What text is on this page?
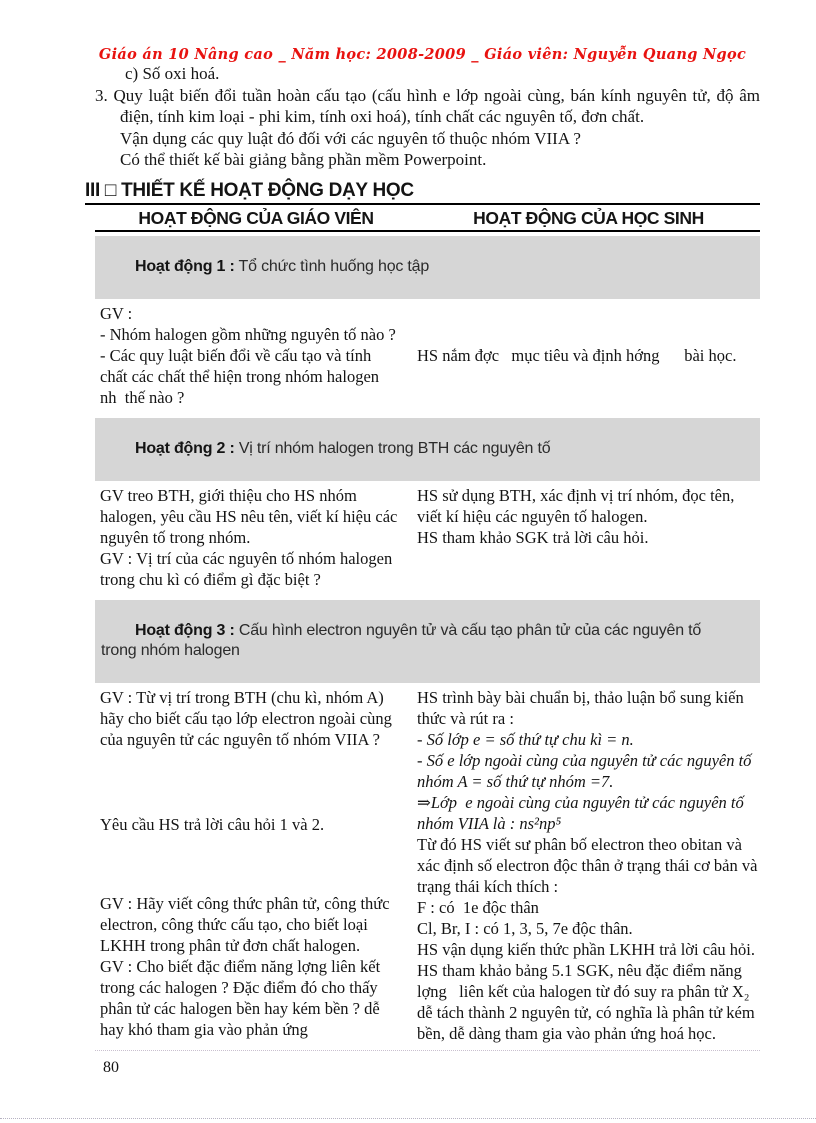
Giáo án 10 Nâng cao _ Năm học: 2008-2009 _ Giáo viên: Nguyễn Quang Ngọc

c) Số oxi hoá.

3. Quy luật biến đổi tuần hoàn cấu tạo (cấu hình e lớp ngoài cùng, bán kính nguyên tử, độ âm điện, tính kim loại - phi kim, tính oxi hoá), tính chất các nguyên tố, đơn chất.

Vận dụng các quy luật đó đối với các nguyên tố thuộc nhóm VIIA ?

Có thể thiết kế bài giảng bằng phần mềm Powerpoint.

III □ THIẾT KẾ HOẠT ĐỘNG DẠY HỌC
HOẠT ĐỘNG CỦA GIÁO VIÊN	HOẠT ĐỘNG CỦA HỌC SINH

Hoạt động 1 : Tổ chức tình huống học tập

GV :

- Nhóm halogen gồm những nguyên tố nào ?

- Các quy luật biến đổi về cấu tạo và tính chất các chất thể hiện trong nhóm halogen nh  thế nào ?

HS nắm đợc   mục tiêu và định hớng      bài học.

Hoạt động 2 : Vị trí nhóm halogen trong BTH các nguyên tố

GV treo BTH, giới thiệu cho HS nhóm halogen, yêu cầu HS nêu tên, viết kí hiệu các nguyên tố trong nhóm.

GV : Vị trí của các nguyên tố nhóm halogen trong chu kì có điểm gì đặc biệt ?

HS sử dụng BTH, xác định vị trí nhóm, đọc tên, viết kí hiệu các nguyên tố halogen.

HS tham khảo SGK trả lời câu hỏi.

Hoạt động 3 : Cấu hình electron nguyên tử và cấu tạo phân tử của các nguyên tố trong nhóm halogen

GV : Từ vị trí trong BTH (chu kì, nhóm A) hãy cho biết cấu tạo lớp electron ngoài cùng của nguyên tử các nguyên tố nhóm VIIA ?

Yêu cầu HS trả lời câu hỏi 1 và 2.

GV : Hãy viết công thức phân tử, công thức electron, công thức cấu tạo, cho biết loại LKHH trong phân tử đơn chất halogen.

GV : Cho biết đặc điểm năng lợng liên kết trong các halogen ? Đặc điểm đó cho thấy phân tử các halogen bền hay kém bền ? dễ hay khó tham gia vào phản ứng

HS trình bày bài chuẩn bị, thảo luận bổ sung kiến thức và rút ra :

- Số lớp e = số thứ tự chu kì = n.

- Số e lớp ngoài cùng của nguyên tử các nguyên tố nhóm A = số thứ tự nhóm =7.

⇒Lớp  e ngoài cùng của nguyên tử các nguyên tố nhóm VIIA là : ns²np⁵

Từ đó HS viết sư phân bố electron theo obitan và xác định số electron độc thân ở trạng thái cơ bản và trạng thái kích thích :

F : có  1e độc thân

Cl, Br, I : có 1, 3, 5, 7e độc thân.

HS vận dụng kiến thức phần LKHH trả lời câu hỏi.

HS tham khảo bảng 5.1 SGK, nêu đặc điểm năng lợng   liên kết của halogen từ đó suy ra phân tử X₂ dễ tách thành 2 nguyên tử, có nghĩa là phân tử kém bền, dễ dàng tham gia vào phản ứng hoá học.

80
